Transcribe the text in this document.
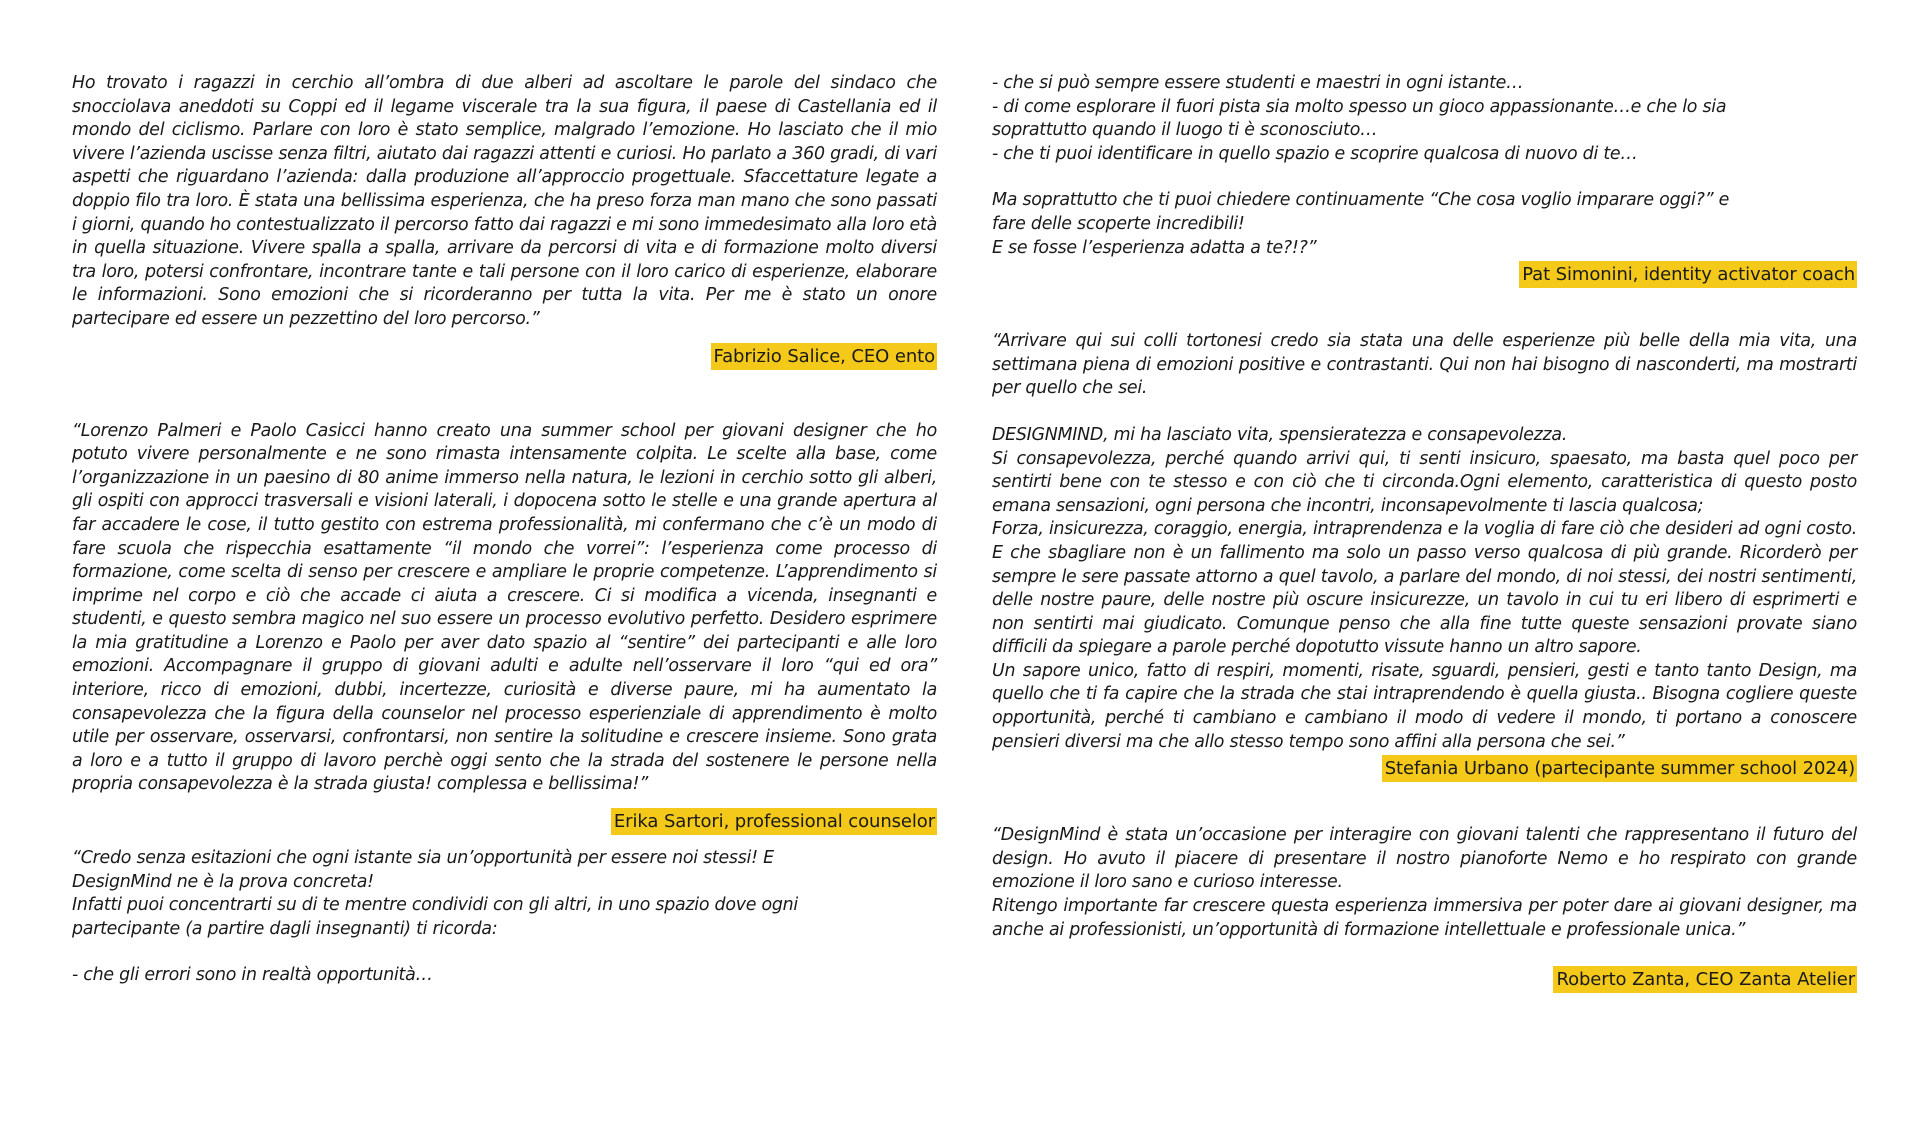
Ho trovato i ragazzi in cerchio all’ombra di due alberi ad ascoltare le parole del sindaco che snocciolava aneddoti su Coppi ed il legame viscerale tra la sua figura, il paese di Castellania ed il mondo del ciclismo. Parlare con loro è stato semplice, malgrado l’emozione. Ho lasciato che il mio vivere l’azienda uscisse senza filtri, aiutato dai ragazzi attenti e curiosi. Ho parlato a 360 gradi, di vari aspetti che riguardano l’azienda: dalla produzione all’approccio progettuale. Sfaccettature legate a doppio filo tra loro. È stata una bellissima esperienza, che ha preso forza man mano che sono passati i giorni, quando ho contestualizzato il percorso fatto dai ragazzi e mi sono immedesimato alla loro età in quella situazione. Vivere spalla a spalla, arrivare da percorsi di vita e di formazione molto diversi tra loro, potersi confrontare, incontrare tante e tali persone con il loro carico di esperienze, elaborare le informazioni. Sono emozioni che si ricorderanno per tutta la vita. Per me è stato un onore partecipare ed essere un pezzettino del loro percorso.”

Fabrizio Salice, CEO ento

“Lorenzo Palmeri e Paolo Casicci hanno creato una summer school per giovani designer che ho potuto vivere personalmente e ne sono rimasta intensamente colpita. Le scelte alla base, come l’organizzazione in un paesino di 80 anime immerso nella natura, le lezioni in cerchio sotto gli alberi, gli ospiti con approcci trasversali e visioni laterali, i dopocena sotto le stelle e una grande apertura al far accadere le cose, il tutto gestito con estrema professionalità, mi confermano che c’è un modo di fare scuola che rispecchia esattamente “il mondo che vorrei”: l’esperienza come processo di formazione, come scelta di senso per crescere e ampliare le proprie competenze. L’apprendimento si imprime nel corpo e ciò che accade ci aiuta a crescere. Ci si modifica a vicenda, insegnanti e studenti, e questo sembra magico nel suo essere un processo evolutivo perfetto. Desidero esprimere la mia gratitudine a Lorenzo e Paolo per aver dato spazio al “sentire” dei partecipanti e alle loro emozioni. Accompagnare il gruppo di giovani adulti e adulte nell’osservare il loro “qui ed ora” interiore, ricco di emozioni, dubbi, incertezze, curiosità e diverse paure, mi ha aumentato la consapevolezza che la figura della counselor nel processo esperienziale di apprendimento è molto utile per osservare, osservarsi, confrontarsi, non sentire la solitudine e crescere insieme. Sono grata a loro e a tutto il gruppo di lavoro perchè oggi sento che la strada del sostenere le persone nella propria consapevolezza è la strada giusta! complessa e bellissima!”

Erika Sartori, professional counselor

“Credo senza esitazioni che ogni istante sia un’opportunità per essere noi stessi! E
DesignMind ne è la prova concreta!
Infatti puoi concentrarti su di te mentre condividi con gli altri, in uno spazio dove ogni
partecipante (a partire dagli insegnanti) ti ricorda:

- che gli errori sono in realtà opportunità…

- che si può sempre essere studenti e maestri in ogni istante…
- di come esplorare il fuori pista sia molto spesso un gioco appassionante…e che lo sia
soprattutto quando il luogo ti è sconosciuto…
- che ti puoi identificare in quello spazio e scoprire qualcosa di nuovo di te…

Ma soprattutto che ti puoi chiedere continuamente “Che cosa voglio imparare oggi?” e
fare delle scoperte incredibili!
E se fosse l’esperienza adatta a te?!?”

Pat Simonini, identity activator coach

“Arrivare qui sui colli tortonesi credo sia stata una delle esperienze più belle della mia vita, una settimana piena di emozioni positive e contrastanti. Qui non hai bisogno di nasconderti, ma mostrarti per quello che sei.

DESIGNMIND, mi ha lasciato vita, spensieratezza e consapevolezza.

Si consapevolezza, perché quando arrivi qui, ti senti insicuro, spaesato, ma basta quel poco per sentirti bene con te stesso e con ciò che ti circonda.Ogni elemento, caratteristica di questo posto emana sensazioni, ogni persona che incontri, inconsapevolmente ti lascia qualcosa;

Forza, insicurezza, coraggio, energia, intraprendenza e la voglia di fare ciò che desideri ad ogni costo. E che sbagliare non è un fallimento ma solo un passo verso qualcosa di più grande. Ricorderò per sempre le sere passate attorno a quel tavolo, a parlare del mondo, di noi stessi, dei nostri sentimenti, delle nostre paure, delle nostre più oscure insicurezze, un tavolo in cui tu eri libero di esprimerti e non sentirti mai giudicato. Comunque penso che alla fine tutte queste sensazioni provate siano difficili da spiegare a parole perché dopotutto vissute hanno un altro sapore.

Un sapore unico, fatto di respiri, momenti, risate, sguardi, pensieri, gesti e tanto tanto Design, ma quello che ti fa capire che la strada che stai intraprendendo è quella giusta.. Bisogna cogliere queste opportunità, perché ti cambiano e cambiano il modo di vedere il mondo, ti portano a conoscere pensieri diversi ma che allo stesso tempo sono affini alla persona che sei.”

Stefania Urbano (partecipante summer school 2024)

“DesignMind è stata un’occasione per interagire con giovani talenti che rappresentano il futuro del design. Ho avuto il piacere di presentare il nostro pianoforte Nemo e ho respirato con grande emozione il loro sano e curioso interesse.

Ritengo importante far crescere questa esperienza immersiva per poter dare ai giovani designer, ma anche ai professionisti, un’opportunità di formazione intellettuale e professionale unica.”

Roberto Zanta, CEO Zanta Atelier
